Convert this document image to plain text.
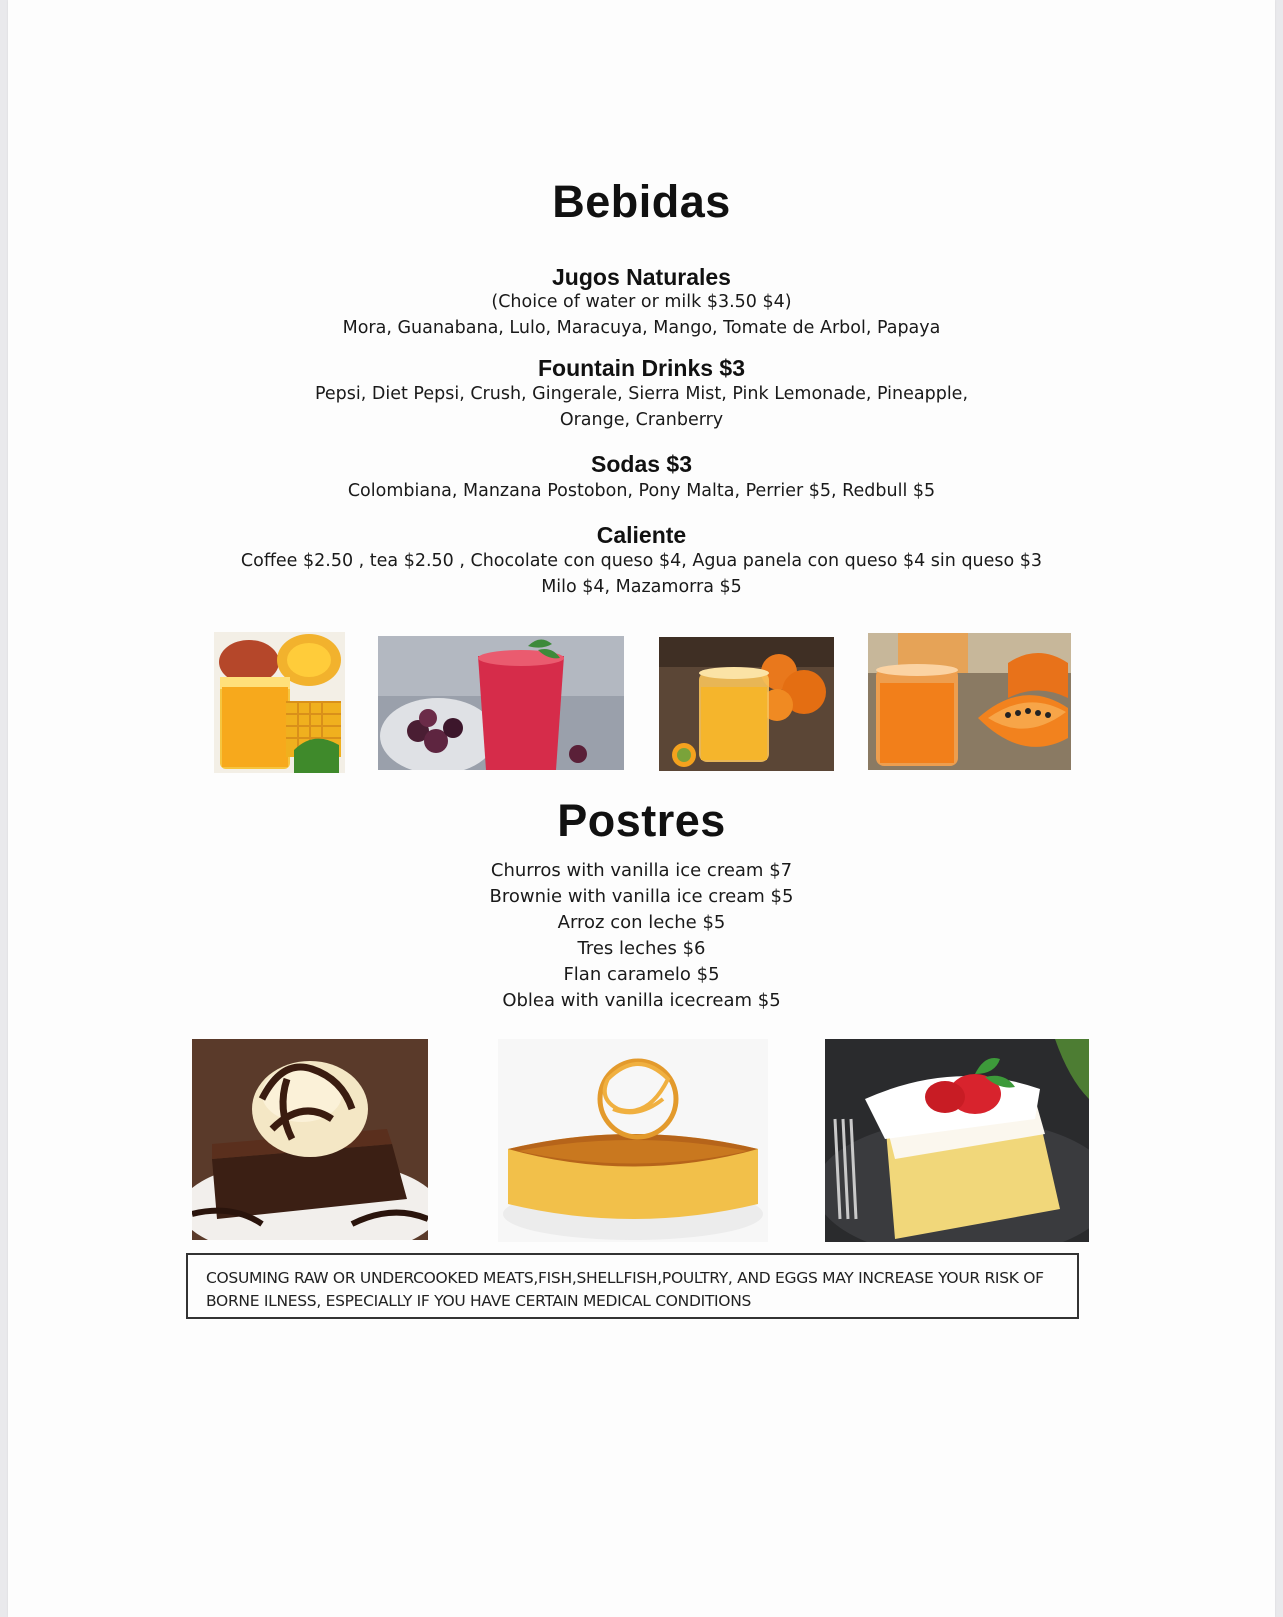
Bebidas
Jugos Naturales
(Choice of water or milk $3.50 $4)
Mora, Guanabana, Lulo, Maracuya, Mango, Tomate de Arbol, Papaya
Fountain Drinks $3
Pepsi, Diet Pepsi, Crush, Gingerale, Sierra Mist, Pink Lemonade, Pineapple,
Orange, Cranberry
Sodas $3
Colombiana, Manzana Postobon, Pony Malta, Perrier $5, Redbull $5
Caliente
Coffee $2.50 , tea $2.50 , Chocolate con queso $4, Agua panela con queso $4 sin queso $3
Milo $4, Mazamorra $5
Postres
Churros with vanilla ice cream $7
Brownie with vanilla ice cream $5
Arroz con leche $5
Tres leches $6
Flan caramelo $5
Oblea with vanilla icecream $5
COSUMING RAW OR UNDERCOOKED MEATS,FISH,SHELLFISH,POULTRY, AND EGGS MAY INCREASE YOUR RISK OF
BORNE ILNESS, ESPECIALLY IF YOU HAVE CERTAIN MEDICAL CONDITIONS
